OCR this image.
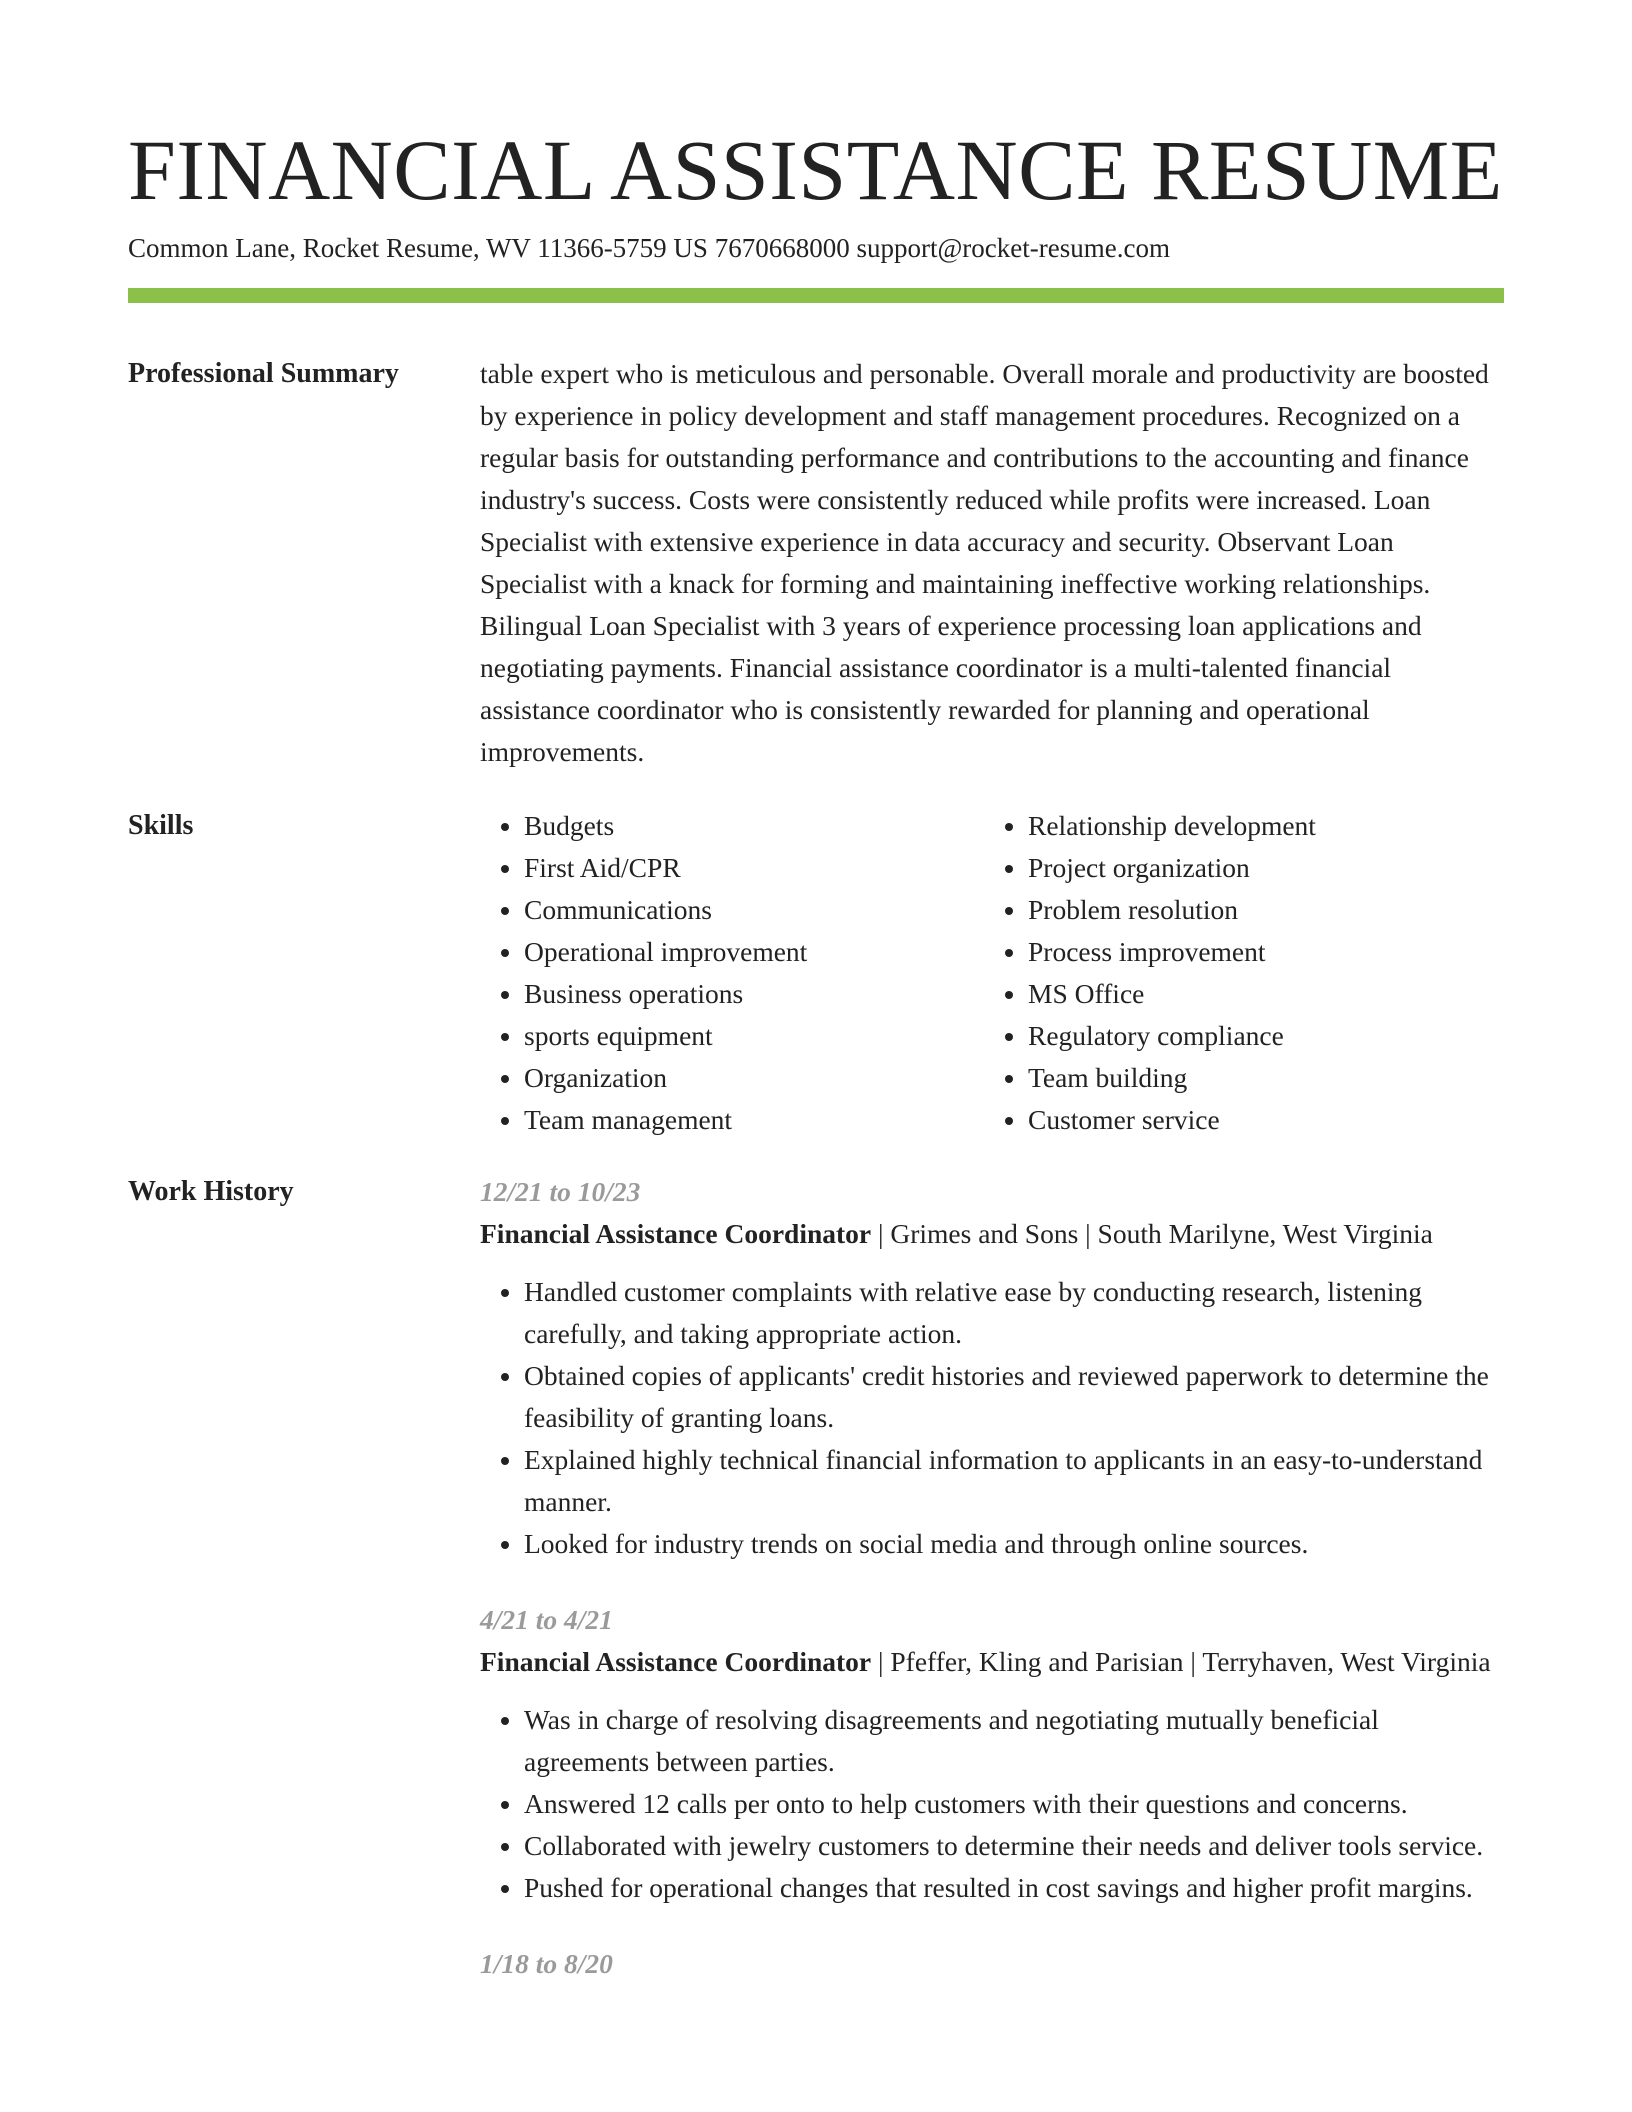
FINANCIAL ASSISTANCE RESUME
Common Lane, Rocket Resume, WV 11366-5759 US 7670668000 support@rocket-resume.com
Professional Summary	table expert who is meticulous and personable. Overall morale and productivity are boosted by experience in policy development and staff management procedures. Recognized on a regular basis for outstanding performance and contributions to the accounting and finance industry's success. Costs were consistently reduced while profits were increased. Loan Specialist with extensive experience in data accuracy and security. Observant Loan Specialist with a knack for forming and maintaining ineffective working relationships. Bilingual Loan Specialist with 3 years of experience processing loan applications and negotiating payments. Financial assistance coordinator is a multi-talented financial assistance coordinator who is consistently rewarded for planning and operational improvements.

Skills
•	Budgets
• First Aid/CPR
• Communications
• Operational improvement
• Business operations
• sports equipment
• Organization
• Team management
• Relationship development
• Project organization
• Problem resolution
• Process improvement
• MS Office
• Regulatory compliance
• Team building
• Customer service
Work History	12/21 to 10/23
Financial Assistance Coordinator | Grimes and Sons | South Marilyne, West Virginia
• Handled customer complaints with relative ease by conducting research, listening carefully, and taking appropriate action.
• Obtained copies of applicants' credit histories and reviewed paperwork to determine the feasibility of granting loans.
• Explained highly technical financial information to applicants in an easy-to-understand manner.
• Looked for industry trends on social media and through online sources.
4/21 to 4/21
Financial Assistance Coordinator | Pfeffer, Kling and Parisian | Terryhaven, West Virginia
• Was in charge of resolving disagreements and negotiating mutually beneficial agreements between parties.
• Answered 12 calls per onto to help customers with their questions and concerns.
• Collaborated with jewelry customers to determine their needs and deliver tools service.
• Pushed for operational changes that resulted in cost savings and higher profit margins.
1/18 to 8/20
